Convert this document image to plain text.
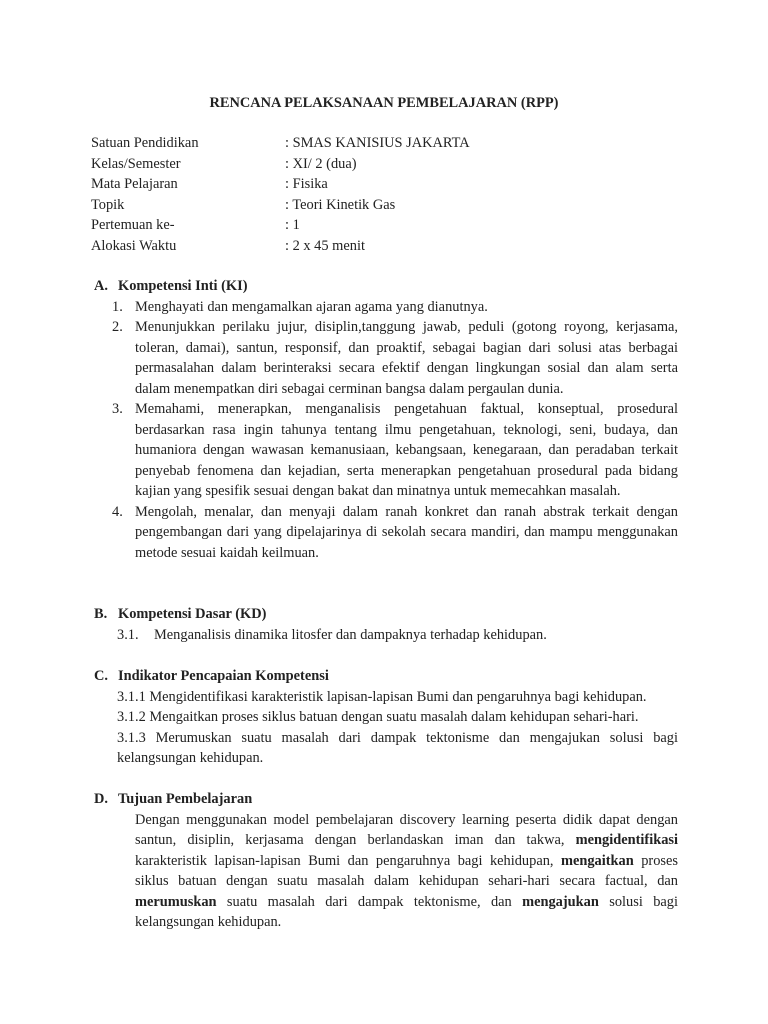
RENCANA PELAKSANAAN PEMBELAJARAN (RPP)
Satuan Pendidikan	: SMAS KANISIUS JAKARTA
Kelas/Semester	: XI/ 2 (dua)
Mata Pelajaran	: Fisika
Topik	: Teori Kinetik Gas
Pertemuan ke-	: 1
Alokasi Waktu	: 2 x 45 menit
A. Kompetensi Inti (KI)
1. Menghayati dan mengamalkan ajaran agama yang dianutnya.
2. Menunjukkan perilaku jujur, disiplin,tanggung jawab, peduli (gotong royong, kerjasama, toleran, damai), santun, responsif, dan proaktif, sebagai bagian dari solusi atas berbagai permasalahan dalam berinteraksi secara efektif dengan lingkungan sosial dan alam serta dalam menempatkan diri sebagai cerminan bangsa dalam pergaulan dunia.
3. Memahami, menerapkan, menganalisis pengetahuan faktual, konseptual, prosedural berdasarkan rasa ingin tahunya tentang ilmu pengetahuan, teknologi, seni, budaya, dan humaniora dengan wawasan kemanusiaan, kebangsaan, kenegaraan, dan peradaban terkait penyebab fenomena dan kejadian, serta menerapkan pengetahuan prosedural pada bidang kajian yang spesifik sesuai dengan bakat dan minatnya untuk memecahkan masalah.
4. Mengolah, menalar, dan menyaji dalam ranah konkret dan ranah abstrak terkait dengan pengembangan dari yang dipelajarinya di sekolah secara mandiri, dan mampu menggunakan metode sesuai kaidah keilmuan.
B. Kompetensi Dasar (KD)
3.1. Menganalisis dinamika litosfer dan dampaknya terhadap kehidupan.
C. Indikator Pencapaian Kompetensi
3.1.1 Mengidentifikasi karakteristik lapisan-lapisan Bumi dan pengaruhnya bagi kehidupan.
3.1.2 Mengaitkan proses siklus batuan dengan suatu masalah dalam kehidupan sehari-hari.
3.1.3 Merumuskan suatu masalah dari dampak tektonisme dan mengajukan solusi bagi kelangsungan kehidupan.
D. Tujuan Pembelajaran
Dengan menggunakan model pembelajaran discovery learning peserta didik dapat dengan santun, disiplin, kerjasama dengan berlandaskan iman dan takwa, mengidentifikasi karakteristik lapisan-lapisan Bumi dan pengaruhnya bagi kehidupan, mengaitkan proses siklus batuan dengan suatu masalah dalam kehidupan sehari-hari secara factual, dan merumuskan suatu masalah dari dampak tektonisme, dan mengajukan solusi bagi kelangsungan kehidupan.
